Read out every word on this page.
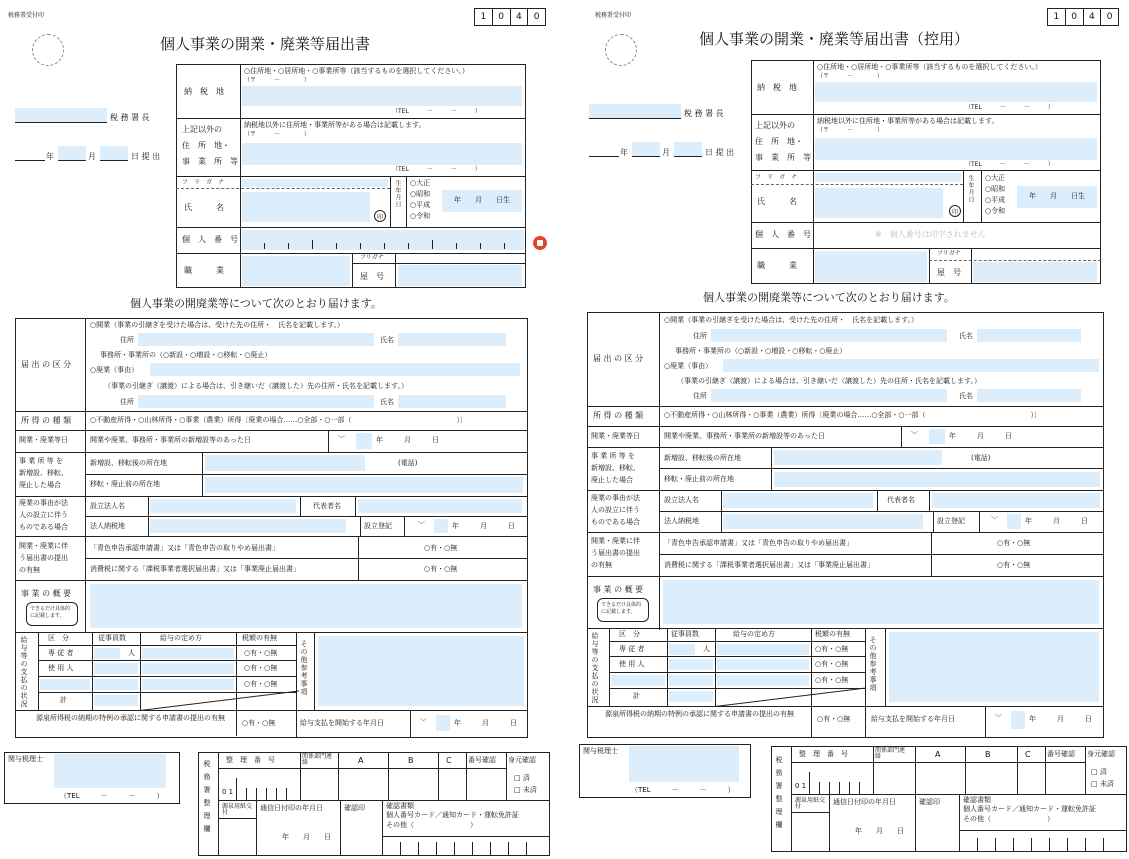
税務署受付印	1	0	4	0
個人事業の開業・廃業等届出書
税 務 署 長
年	月	日 提 出
納　税　地
○住所地・○居所地・○事業所等（該当するものを選択してください。）
（〒　　　－　　　　）
（TEL　　　－　　　－　　　）
上記以外の
住　所　地・
事　業　所　等
納税地以外に住所地・事業所等がある場合は記載します。
（〒　　　－　　　　）
（TEL　　　－　　　－　　　）
フ　リ　ガ　ナ
氏　　　名
印
生年月日 ○大正
○昭和
○平成
○令和
年　　月　　日生
個　人　番　号
職　　　業
フリガナ
屋　号
個人事業の開廃業等について次のとおり届けます。
届 出 の 区 分
○開業（事業の引継ぎを受けた場合は、受けた先の住所・　氏名を記載します。）
住所	氏名
事務所・事業所の（○新設・○増設・○移転・○廃止）
○廃業（事由）
（事業の引継ぎ（譲渡）による場合は、引き継いだ（譲渡した）先の住所・氏名を記載します。）
住所	氏名
所 得 の 種 類	○不動産所得・○山林所得・○事業（農業）所得〔廃業の場合……○全部・○一部（　　　　　　　　　　　　　　　）〕
開業・廃業等日	開業や廃業、事務所・事業所の新増設等のあった日	﹀	年　　　月　　　日
事 業 所 等 を
新増設、移転、
廃止した場合
新増設、移転後の所在地	(電話)
移転・廃止前の所在地
廃業の事由が法
人の設立に伴う
ものである場合
設立法人名	代表者名
法人納税地	設立登記	﹀	年　　　月　　　日
開業・廃業に伴
う届出書の提出
の有無
「青色申告承認申請書」又は「青色申告の取りやめ届出書」	○有・○無
消費税に関する「課税事業者選択届出書」又は「事業廃止届出書」	○有・○無
事 業 の 概 要
できるだけ具体的に記載します。
給与等の支払の状況	区　分	従事員数	給与の定め方	税額の有無
専 従 者	人	○有・○無
使 用 人	○有・○無
○有・○無
計
その他参考事項
源泉所得税の納期の特例の承認に関する申請書の提出の有無
○有・○無	給与支払を開始する年月日	﹀	年　　　月　　　日
関与税理士
（TEL　　　－　　　－　　　）	税務署整理欄 整　理　番　号	関係部門連　絡	A	B	C 番号確認 身元確認
□ 済
□ 未済
0 1
源泉用紙交　付
通信日付印の年月日	確認印	確認書類
個人番号カード／通知カード・運転免許証
その他（　　　　　　　　）
年　　月　　日
税務署受付印	1	0	4	0
個人事業の開業・廃業等届出書（控用）
税 務 署 長
年	月	日 提 出
納　税　地
○住所地・○居所地・○事業所等（該当するものを選択してください。）
（〒　　　－　　　　）
（TEL　　　－　　　－　　　）
上記以外の
住　所　地・
事　業　所　等
納税地以外に住所地・事業所等がある場合は記載します。
（〒　　　－　　　　）
（TEL　　　－　　　－　　　）
フ　リ　ガ　ナ
氏　　　名
印
生年月日 ○大正
○昭和
○平成
○令和
年　　月　　日生
個　人　番　号	※　個人番号は印字されません
職　　　業
フリガナ
屋　号
個人事業の開廃業等について次のとおり届けます。
届 出 の 区 分
○開業（事業の引継ぎを受けた場合は、受けた先の住所・　氏名を記載します。）
住所	氏名
事務所・事業所の（○新設・○増設・○移転・○廃止）
○廃業（事由）
（事業の引継ぎ（譲渡）による場合は、引き継いだ（譲渡した）先の住所・氏名を記載します。）
住所	氏名
所 得 の 種 類	○不動産所得・○山林所得・○事業（農業）所得〔廃業の場合……○全部・○一部（　　　　　　　　　　　　　　　）〕
開業・廃業等日	開業や廃業、事務所・事業所の新増設等のあった日	﹀	年　　　月　　　日
事 業 所 等 を
新増設、移転、
廃止した場合
新増設、移転後の所在地	(電話)
移転・廃止前の所在地
廃業の事由が法
人の設立に伴う
ものである場合
設立法人名	代表者名
法人納税地	設立登記	﹀	年　　　月　　　日
開業・廃業に伴
う届出書の提出
の有無
「青色申告承認申請書」又は「青色申告の取りやめ届出書」	○有・○無
消費税に関する「課税事業者選択届出書」又は「事業廃止届出書」	○有・○無
事 業 の 概 要
できるだけ具体的に記載します。
給与等の支払の状況	区　分	従事員数	給与の定め方	税額の有無
専 従 者	人	○有・○無
使 用 人	○有・○無
○有・○無
計
その他参考事項
源泉所得税の納期の特例の承認に関する申請書の提出の有無
○有・○無	給与支払を開始する年月日	﹀	年　　　月　　　日
関与税理士
（TEL　　　－　　　－　　　）	税務署整理欄
整　理　番　号	関係部門連　絡	A	B	C 番号確認 身元確認
□ 済
□ 未済
0 1
源泉用紙交　付
通信日付印の年月日	確認印	確認書類
個人番号カード／通知カード・運転免許証
その他（　　　　　　　　）
年　　月　　日
